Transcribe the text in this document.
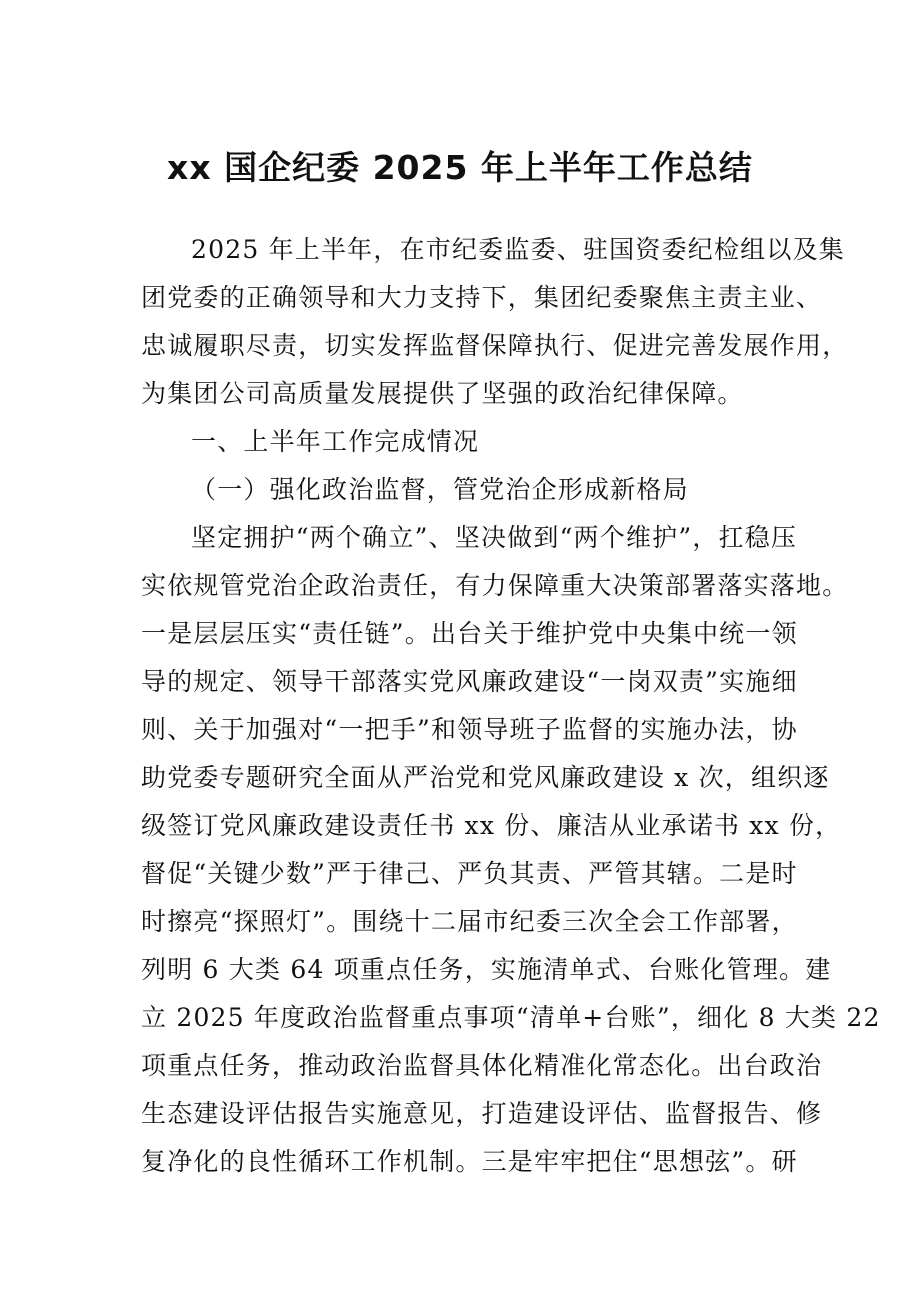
xx 国企纪委 2025 年上半年工作总结
2025 年上半年，在市纪委监委、驻国资委纪检组以及集
团党委的正确领导和大力支持下，集团纪委聚焦主责主业、
忠诚履职尽责，切实发挥监督保障执行、促进完善发展作用，
为集团公司高质量发展提供了坚强的政治纪律保障。
一、上半年工作完成情况
（一）强化政治监督，管党治企形成新格局
坚定拥护“两个确立”、坚决做到“两个维护”，扛稳压
实依规管党治企政治责任，有力保障重大决策部署落实落地。
一是层层压实“责任链”。出台关于维护党中央集中统一领
导的规定、领导干部落实党风廉政建设“一岗双责”实施细
则、关于加强对“一把手”和领导班子监督的实施办法，协
助党委专题研究全面从严治党和党风廉政建设 x 次，组织逐
级签订党风廉政建设责任书 xx 份、廉洁从业承诺书 xx 份，
督促“关键少数”严于律己、严负其责、严管其辖。二是时
时擦亮“探照灯”。围绕十二届市纪委三次全会工作部署，
列明 6 大类 64 项重点任务，实施清单式、台账化管理。建
立 2025 年度政治监督重点事项“清单+台账”，细化 8 大类 22
项重点任务，推动政治监督具体化精准化常态化。出台政治
生态建设评估报告实施意见，打造建设评估、监督报告、修
复净化的良性循环工作机制。三是牢牢把住“思想弦”。研
